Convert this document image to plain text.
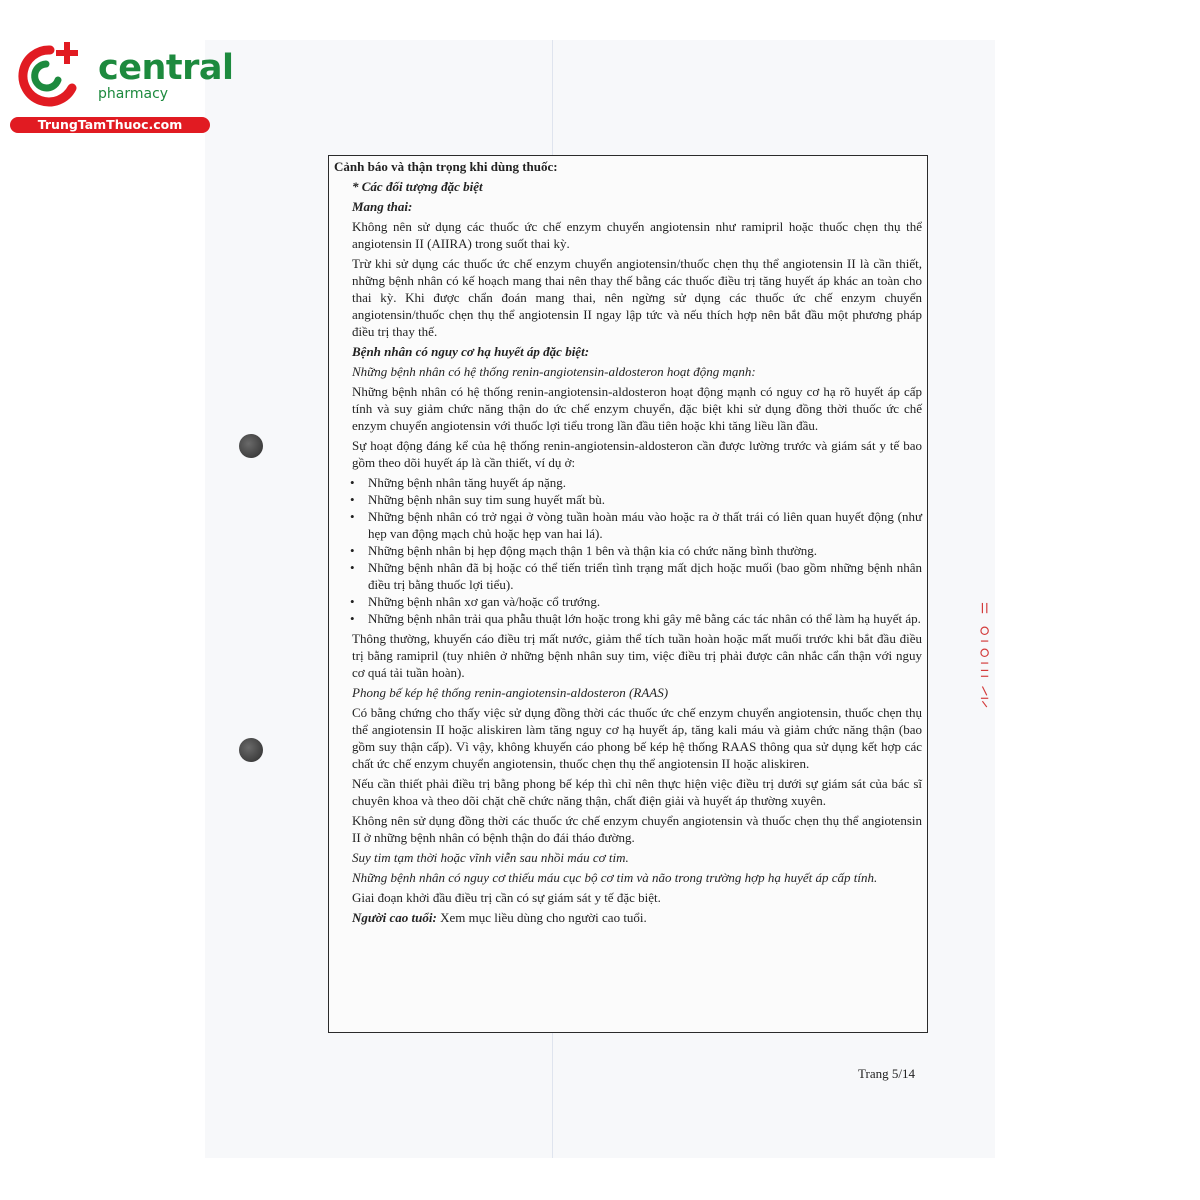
central
pharmacy
TrungTamThuoc.com

Cảnh báo và thận trọng khi dùng thuốc:

* Các đối tượng đặc biệt

Mang thai:

Không nên sử dụng các thuốc ức chế enzym chuyển angiotensin như ramipril hoặc thuốc chẹn thụ thể angiotensin II (AIIRA) trong suốt thai kỳ.

Trừ khi sử dụng các thuốc ức chế enzym chuyển angiotensin/thuốc chẹn thụ thể angiotensin II là cần thiết, những bệnh nhân có kế hoạch mang thai nên thay thế bằng các thuốc điều trị tăng huyết áp khác an toàn cho thai kỳ. Khi được chẩn đoán mang thai, nên ngừng sử dụng các thuốc ức chế enzym chuyển angiotensin/thuốc chẹn thụ thể angiotensin II ngay lập tức và nếu thích hợp nên bắt đầu một phương pháp điều trị thay thế.

Bệnh nhân có nguy cơ hạ huyết áp đặc biệt:

Những bệnh nhân có hệ thống renin-angiotensin-aldosteron hoạt động mạnh:

Những bệnh nhân có hệ thống renin-angiotensin-aldosteron hoạt động mạnh có nguy cơ hạ rõ huyết áp cấp tính và suy giảm chức năng thận do ức chế enzym chuyển, đặc biệt khi sử dụng đồng thời thuốc ức chế enzym chuyển angiotensin với thuốc lợi tiểu trong lần đầu tiên hoặc khi tăng liều lần đầu.

Sự hoạt động đáng kể của hệ thống renin-angiotensin-aldosteron cần được lường trước và giám sát y tế bao gồm theo dõi huyết áp là cần thiết, ví dụ ở:

• Những bệnh nhân tăng huyết áp nặng.
• Những bệnh nhân suy tim sung huyết mất bù.
• Những bệnh nhân có trở ngại ở vòng tuần hoàn máu vào hoặc ra ở thất trái có liên quan huyết động (như hẹp van động mạch chủ hoặc hẹp van hai lá).
• Những bệnh nhân bị hẹp động mạch thận 1 bên và thận kia có chức năng bình thường.
• Những bệnh nhân đã bị hoặc có thể tiến triển tình trạng mất dịch hoặc muối (bao gồm những bệnh nhân điều trị bằng thuốc lợi tiểu).
• Những bệnh nhân xơ gan và/hoặc cổ trướng.
• Những bệnh nhân trải qua phẫu thuật lớn hoặc trong khi gây mê bằng các tác nhân có thể làm hạ huyết áp.

Thông thường, khuyến cáo điều trị mất nước, giảm thể tích tuần hoàn hoặc mất muối trước khi bắt đầu điều trị bằng ramipril (tuy nhiên ở những bệnh nhân suy tim, việc điều trị phải được cân nhắc cẩn thận với nguy cơ quá tải tuần hoàn).

Phong bế kép hệ thống renin-angiotensin-aldosteron (RAAS)

Có bằng chứng cho thấy việc sử dụng đồng thời các thuốc ức chế enzym chuyển angiotensin, thuốc chẹn thụ thể angiotensin II hoặc aliskiren làm tăng nguy cơ hạ huyết áp, tăng kali máu và giảm chức năng thận (bao gồm suy thận cấp). Vì vậy, không khuyến cáo phong bế kép hệ thống RAAS thông qua sử dụng kết hợp các chất ức chế enzym chuyển angiotensin, thuốc chẹn thụ thể angiotensin II hoặc aliskiren.

Nếu cần thiết phải điều trị bằng phong bế kép thì chỉ nên thực hiện việc điều trị dưới sự giám sát của bác sĩ chuyên khoa và theo dõi chặt chẽ chức năng thận, chất điện giải và huyết áp thường xuyên.

Không nên sử dụng đồng thời các thuốc ức chế enzym chuyển angiotensin và thuốc chẹn thụ thể angiotensin II ở những bệnh nhân có bệnh thận do đái tháo đường.

Suy tim tạm thời hoặc vĩnh viễn sau nhồi máu cơ tim.

Những bệnh nhân có nguy cơ thiếu máu cục bộ cơ tim và não trong trường hợp hạ huyết áp cấp tính.

Giai đoạn khởi đầu điều trị cần có sự giám sát y tế đặc biệt.

Người cao tuổi: Xem mục liều dùng cho người cao tuổi.

Trang 5/14
